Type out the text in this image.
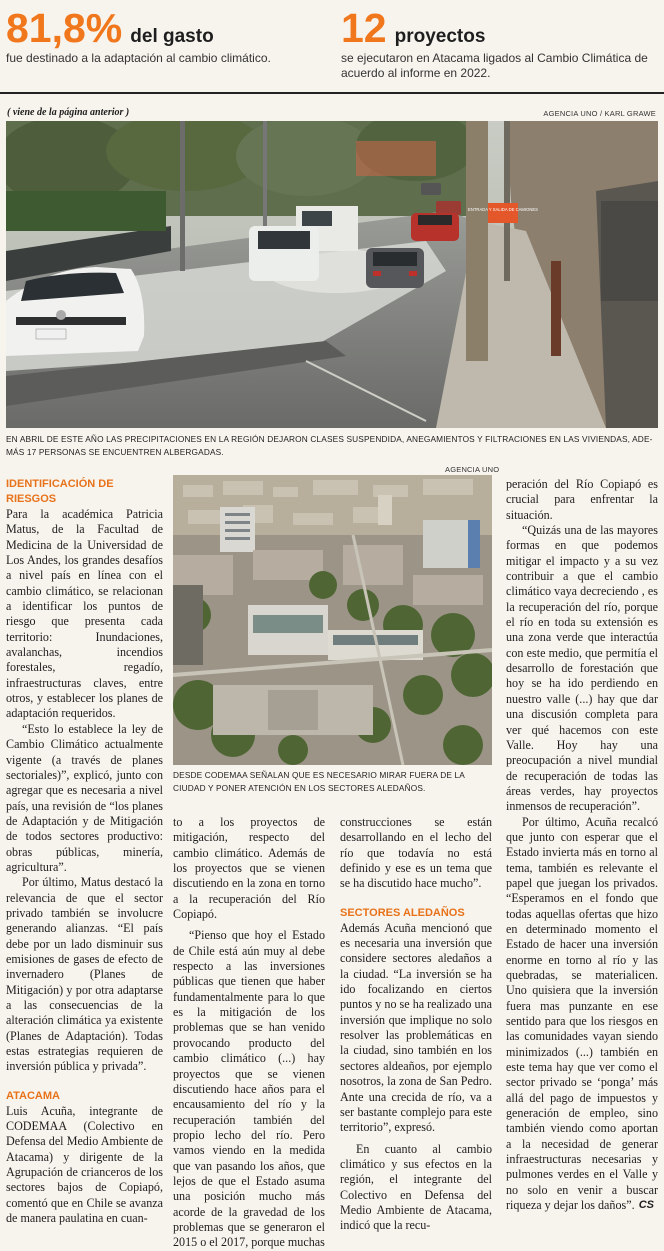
81,8% del gasto
fue destinado a la adaptación al cambio climático.
12 proyectos
se ejecutaron en Atacama ligados al Cambio Climática de
acuerdo al informe en 2022.
( viene de la página anterior )	AGENCIA UNO / KARL GRAWE
ENTRADA Y SALIDA DE CAMIONES
EN ABRIL DE ESTE AÑO LAS PRECIPITACIONES EN LA REGIÓN DEJARON CLASES SUSPENDIDA, ANEGAMIENTOS Y FILTRACIONES EN LAS VIVIENDAS, ADE-
MÁS 17 PERSONAS SE ENCUENTREN ALBERGADAS.
AGENCIA UNO
DESDE CODEMAA SEÑALAN QUE ES NECESARIO MIRAR FUERA DE LA
CIUDAD Y PONER ATENCIÓN EN LOS SECTORES ALEDAÑOS.
IDENTIFICACIÓN DE
RIESGOS

Para la académica Patricia Matus, de la Facultad de Medicina de la Universidad de Los Andes, los grandes desafíos a nivel país en línea con el cambio climático, se relacionan a identificar los puntos de riesgo que presenta cada territorio: Inundaciones, avalanchas, incendios forestales, regadío, infraestructuras claves, entre otros, y establecer los planes de adaptación requeridos.

“Esto lo establece la ley de Cambio Climático actualmente vigente (a través de planes sectoriales)”, explicó, junto con agregar que es necesaria a nivel país, una revisión de “los planes de Adaptación y de Mitigación de todos sectores productivo: obras públicas, minería, agricultura”.

Por último, Matus destacó la relevancia de que el sector privado también se involucre generando alianzas. “El país debe por un lado disminuir sus emisiones de gases de efecto de invernadero (Planes de Mitigación) y por otra adaptarse a las consecuencias de la alteración climática ya existente (Planes de Adaptación). Todas estas estrategias requieren de inversión pública y privada”.

ATACAMA

Luis Acuña, integrante de CODEMAA (Colectivo en Defensa del Medio Ambiente de Atacama) y dirigente de la Agrupación de crianceros de los sectores bajos de Copiapó, comentó que en Chile se avanza de manera paulatina en cuan-

to a los proyectos de mitigación, respecto del cambio climático. Además de los proyectos que se vienen discutiendo en la zona en torno a la recuperación del Río Copiapó.

“Pienso que hoy el Estado de Chile está aún muy al debe respecto a las inversiones públicas que tienen que haber fundamentalmente para lo que es la mitigación de los problemas que se han venido provocando producto del cambio climático (...) hay proyectos que se vienen discutiendo hace años para el encausamiento del río y la recuperación también del propio lecho del río. Pero vamos viendo en la medida que van pasando los años, que lejos de que el Estado asuma una posición mucho más acorde de la gravedad de los problemas que se generaron el 2015 o el 2017, porque muchas

construcciones se están desarrollando en el lecho del río que todavía no está definido y ese es un tema que se ha discutido hace mucho”.

SECTORES ALEDAÑOS

Además Acuña mencionó que es necesaria una inversión que considere sectores aledaños a la ciudad. “La inversión se ha ido focalizando en ciertos puntos y no se ha realizado una inversión que implique no solo resolver las problemáticas en la ciudad, sino también en los sectores aldeaños, por ejemplo nosotros, la zona de San Pedro. Ante una crecida de río, va a ser bastante complejo para este territorio”, expresó.

En cuanto al cambio climático y sus efectos en la región, el integrante del Colectivo en Defensa del Medio Ambiente de Atacama, indicó que la recu-

peración del Río Copiapó es crucial para enfrentar la situación.

“Quizás una de las mayores formas en que podemos mitigar el impacto y a su vez contribuir a que el cambio climático vaya decreciendo , es la recuperación del río, porque el río en toda su extensión es una zona verde que interactúa con este medio, que permitía el desarrollo de forestación que hoy se ha ido perdiendo en nuestro valle (...) hay que dar una discusión completa para ver qué hacemos con este Valle. Hoy hay una preocupación a nivel mundial de recuperación de todas las áreas verdes, hay proyectos inmensos de recuperación”.

Por último, Acuña recalcó que junto con esperar que el Estado invierta más en torno al tema, también es relevante el papel que juegan los privados. “Esperamos en el fondo que todas aquellas ofertas que hizo en determinado momento el Estado de hacer una inversión enorme en torno al río y las quebradas, se materialicen. Uno quisiera que la inversión fuera mas punzante en ese sentido para que los riesgos en las comunidades vayan siendo minimizados (...) también en este tema hay que ver como el sector privado se ‘ponga’ más allá del pago de impuestos y generación de empleo, sino también viendo como aportan a la necesidad de generar infraestructuras necesarias y pulmones verdes en el Valle y no solo en venir a buscar riqueza y dejar los daños”. CS
